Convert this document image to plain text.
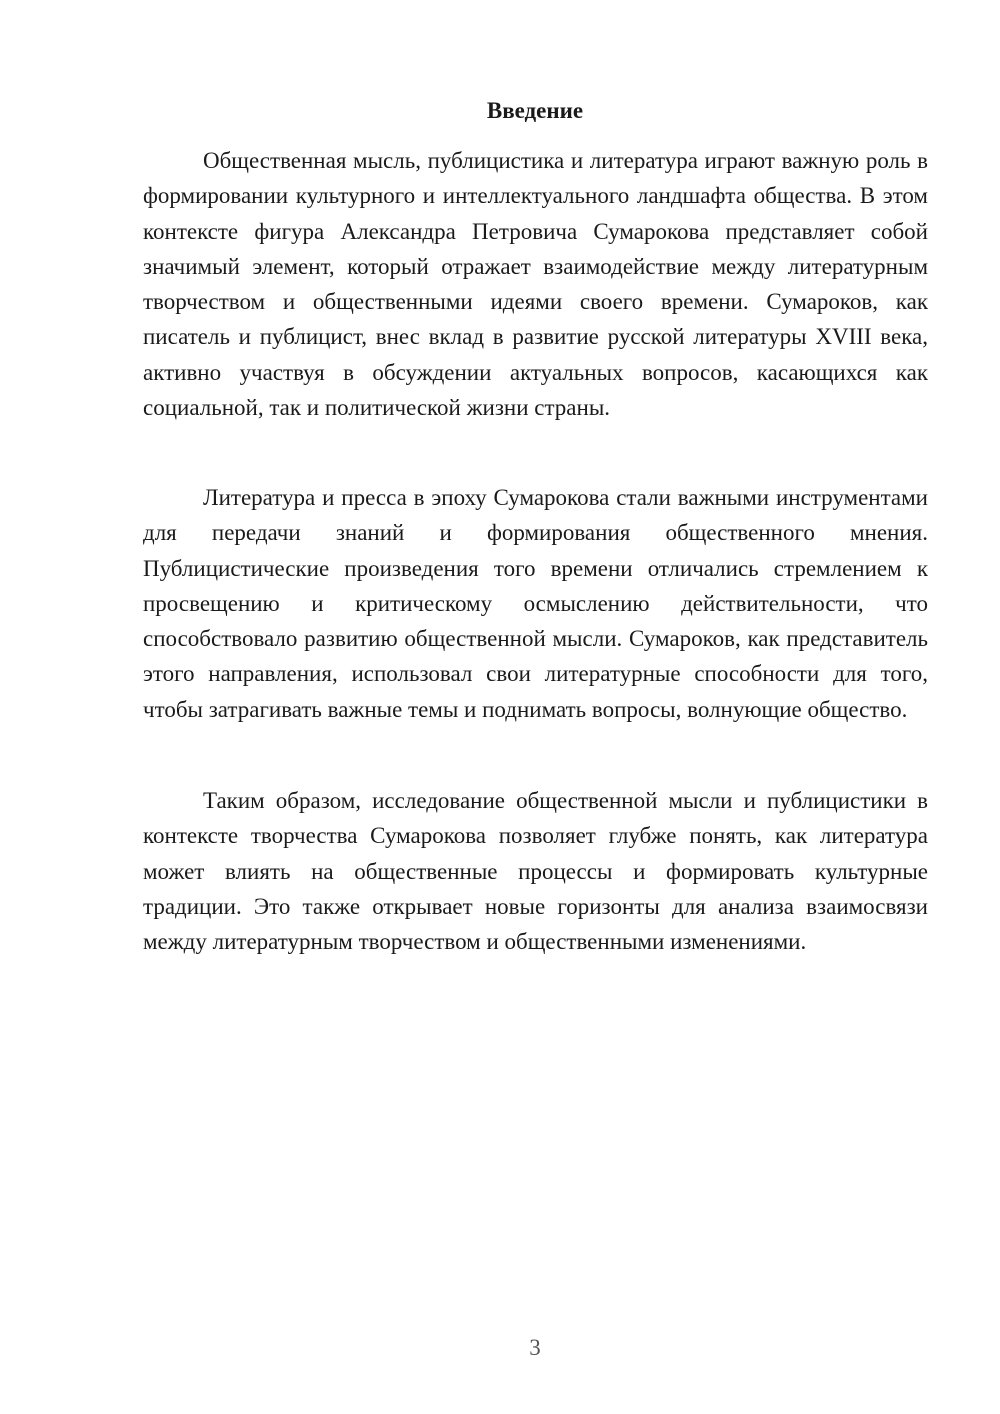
Введение

Общественная мысль, публицистика и литература играют важную роль в формировании культурного и интеллектуального ландшафта общества. В этом контексте фигура Александра Петровича Сумарокова представляет собой значимый элемент, который отражает взаимодействие между литературным творчеством и общественными идеями своего времени. Сумароков, как писатель и публицист, внес вклад в развитие русской литературы XVIII века, активно участвуя в обсуждении актуальных вопросов, касающихся как социальной, так и политической жизни страны.

Литература и пресса в эпоху Сумарокова стали важными инструментами для передачи знаний и формирования общественного мнения. Публицистические произведения того времени отличались стремлением к просвещению и критическому осмыслению действительности, что способствовало развитию общественной мысли. Сумароков, как представитель этого направления, использовал свои литературные способности для того, чтобы затрагивать важные темы и поднимать вопросы, волнующие общество.

Таким образом, исследование общественной мысли и публицистики в контексте творчества Сумарокова позволяет глубже понять, как литература может влиять на общественные процессы и формировать культурные традиции. Это также открывает новые горизонты для анализа взаимосвязи между литературным творчеством и общественными изменениями.

3
